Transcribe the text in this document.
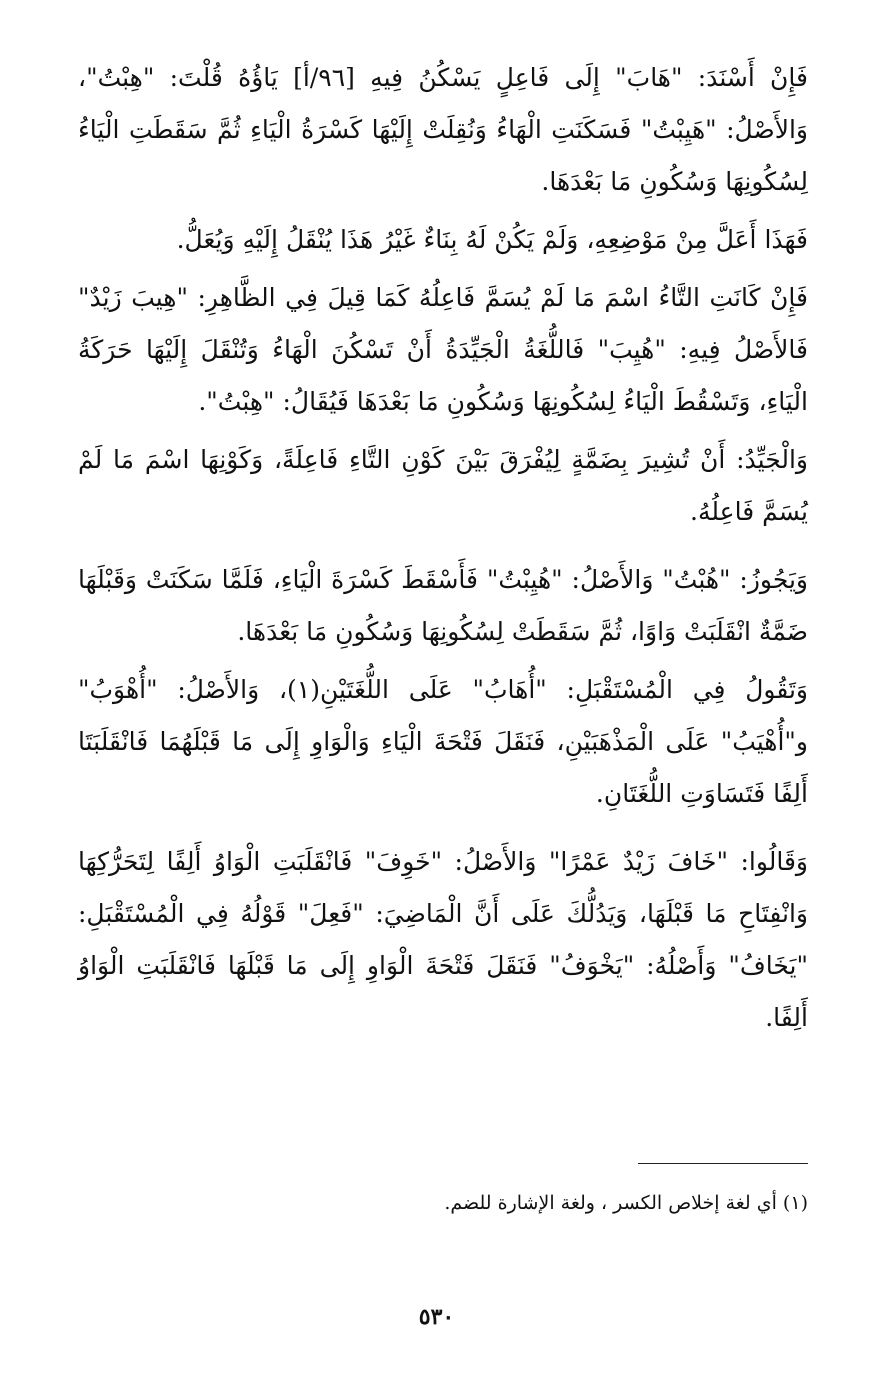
فَإِنْ أَسْنَدَ: "هَابَ" إِلَى فَاعِلٍ يَسْكُنُ فِيهِ [٩٦/أ] يَاؤُهُ قُلْتَ: "هِبْتُ"، وَالأَصْلُ: "هَيِبْتُ" فَسَكَنَتِ الْهَاءُ وَنُقِلَتْ إِلَيْهَا كَسْرَةُ الْيَاءِ ثُمَّ سَقَطَتِ الْيَاءُ لِسُكُونِهَا وَسُكُونِ مَا بَعْدَهَا.

فَهَذَا أَعَلَّ مِنْ مَوْضِعِهِ، وَلَمْ يَكُنْ لَهُ بِنَاءٌ غَيْرُ هَذَا يُنْقَلُ إِلَيْهِ وَيُعَلُّ.

فَإِنْ كَانَتِ التَّاءُ اسْمَ مَا لَمْ يُسَمَّ فَاعِلُهُ كَمَا قِيلَ فِي الظَّاهِرِ: "هِيبَ زَيْدٌ" فَالأَصْلُ فِيهِ: "هُيِبَ" فَاللُّغَةُ الْجَيِّدَةُ أَنْ تَسْكُنَ الْهَاءُ وَتُنْقَلَ إِلَيْهَا حَرَكَةُ الْيَاءِ، وَتَسْقُطَ الْيَاءُ لِسُكُونِهَا وَسُكُونِ مَا بَعْدَهَا فَيُقَالُ: "هِبْتُ".

وَالْجَيِّدُ: أَنْ تُشِيرَ بِضَمَّةٍ لِيُفْرَقَ بَيْنَ كَوْنِ التَّاءِ فَاعِلَةً، وَكَوْنِهَا اسْمَ مَا لَمْ يُسَمَّ فَاعِلُهُ.

وَيَجُوزُ: "هُبْتُ" وَالأَصْلُ: "هُيِبْتُ" فَأَسْقَطَ كَسْرَةَ الْيَاءِ، فَلَمَّا سَكَنَتْ وَقَبْلَهَا ضَمَّةٌ انْقَلَبَتْ وَاوًا، ثُمَّ سَقَطَتْ لِسُكُونِهَا وَسُكُونِ مَا بَعْدَهَا.

وَتَقُولُ فِي الْمُسْتَقْبَلِ: "أُهَابُ" عَلَى اللُّغَتَيْنِ(١)، وَالأَصْلُ: "أُهْوَبُ" و"أُهْيَبُ" عَلَى الْمَذْهَبَيْنِ، فَنَقَلَ فَتْحَةَ الْيَاءِ وَالْوَاوِ إِلَى مَا قَبْلَهُمَا فَانْقَلَبَتَا أَلِفًا فَتَسَاوَتِ اللُّغَتَانِ.

وَقَالُوا: "خَافَ زَيْدٌ عَمْرًا" وَالأَصْلُ: "خَوِفَ" فَانْقَلَبَتِ الْوَاوُ أَلِفًا لِتَحَرُّكِهَا وَانْفِتَاحِ مَا قَبْلَهَا، وَيَدُلُّكَ عَلَى أَنَّ الْمَاضِيَ: "فَعِلَ" قَوْلُهُ فِي الْمُسْتَقْبَلِ: "يَخَافُ" وَأَصْلُهُ: "يَخْوَفُ" فَنَقَلَ فَتْحَةَ الْوَاوِ إِلَى مَا قَبْلَهَا فَانْقَلَبَتِ الْوَاوُ أَلِفًا.

(١) أي لغة إخلاص الكسر ، ولغة الإشارة للضم.
٥٣٠
